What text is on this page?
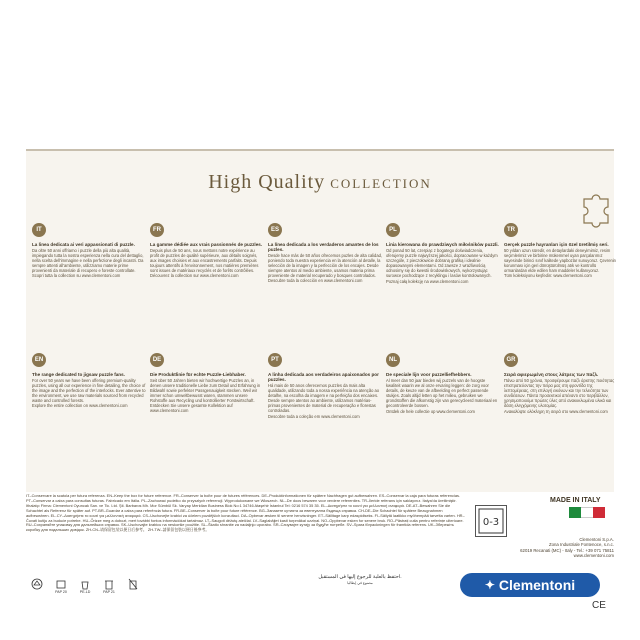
High Quality COLLECTION
IT
La linea dedicata ai veri appassionati di puzzle.
Da oltre 50 anni offriamo i puzzle della più alta qualità, impiegando tutta la nostra esperienza nella cura del dettaglio, nella scelta dell'immagine e nella perfezione degli incastri. Da sempre attenti all'ambiente, utilizziamo materie prime provenienti da materiale di recupero e foreste controllate.
Scopri tutta la collection su www.clementoni.com
FR
La gamme dédiée aux vrais passionnés de puzzles.
Depuis plus de 50 ans, nous mettons notre expérience au profit de puzzles de qualité supérieure, aux détails soignés, aux images choisies et aux encastrements parfaits. Depuis toujours attentifs à l'environnement, nos matières premières sont issues de matériaux recyclés et de forêts contrôlées.
Découvrez la collection sur www.clementoni.com
ES
La línea dedicada a los verdaderos amantes de los puzles.
Desde hace más de 50 años ofrecemos puzles de alta calidad, poniendo toda nuestra experiencia en la atención al detalle, la selección de la imagen y la perfección de los encajes. Desde siempre atentos al medio ambiente, usamos materia prima proveniente de material recuperado y bosques controlados.
Descubre toda la colección en www.clementoni.com
PL
Linia kierowana do prawdziwych miłośników puzzli.
Od ponad 50 lat, czerpiąc z bogatego doświadczenia, oferujemy puzzle najwyższej jakości, dopracowane w każdym szczególe, z pieczołowicie dobraną grafiką i idealnie dopasowanymi elementami. Od zawsze z wrażliwością odnosimy się do kwestii środowiskowych, wykorzystując surowce pochodzące z recyklingu i lasów kontrolowanych.
Poznaj całą kolekcję na www.clementoni.com
TR
Gerçek puzzle hayranları için özel üretilmiş seri.
50 yıldan uzun süredir, en detaylardaki deneyimimiz, resim seçimlerimiz ve birbirine mükemmel uyan parçalarımız sayesinde birinci sınıf kalitede yapbozlar sunuyoruz. Çevrenin korunması için geri dönüştürülmüş atık ve kontrollü ormanlardan elde edilen ham maddeler kullanıyoruz.
Tüm koleksiyonu keşfedin: www.clementoni.com
EN
The range dedicated to jigsaw puzzle fans.
For over 50 years we have been offering premium-quality puzzles, using all our experience in fine detailing, the choice of the image and the perfection of the interlocks. Ever attentive to the environment, we use raw materials sourced from recycled waste and controlled forests.
Explore the entire collection on www.clementoni.com
DE
Die Produktlinie für echte Puzzle-Liebhaber.
Seit über 50 Jahren bieten wir hochwertige Puzzles an, in denen unsere traditionelle Liebe zum Detail und Erfahrung in Bildwahl sowie perfekter Passgenauigkeit stecken. Weil wir immer schon umweltbewusst waren, stammen unsere Rohstoffe aus Recycling und kontrollierter Forstwirtschaft.
Entdecken Sie unsere gesamte Kollektion auf www.clementoni.com
PT
A linha dedicada aos verdadeiros apaixonados por puzzles.
Há mais de 50 anos oferecemos puzzles da mais alta qualidade, utilizando toda a nossa experiência na atenção ao detalhe, na escolha da imagem e na perfeição dos encaixes. Desde sempre atentos ao ambiente, utilizamos matérias-primas provenientes de material de recuperação e florestas controladas.
Descobre toda a coleção em www.clementoni.com
NL
De speciale lijn voor puzzelliefhebbers.
Al meer dan 50 jaar bieden wij puzzels van de hoogste kwaliteit waarin we al onze ervaring leggen: de zorg voor details, de keuze van de afbeelding en perfect passende stukjes. Zoals altijd letten op het milieu, gebruiken we grondstoffen die afkomstig zijn van gerecycleerd materiaal en gecontroleerde bossen.
Ontdek de hele collectie op www.clementoni.com
GR
Σειρά αφιερωμένη στους λάτρεις των παζλ.
Πάνω από 50 χρόνια, προσφέρουμε παζλ άριστης ποιότητας επιστρατεύοντας την πείρα μας στη φροντίδα της λεπτομέρειας, στη επιλογή εικόνων και την τελειότητα των συνδέσεων. Πάντα προσεκτικοί απέναντι στο περιβάλλον, χρησιμοποιούμε πρώτες ύλες από ανακυκλωμένα υλικά και δάση ελεγχόμενης υλοτομίας.
Ανακαλύψτε ολόκληρη τη σειρά στο www.clementoni.com
IT–Conservare la scatola per futura referenza. EN–Keep the box for future reference. FR–Conserver la boîte pour de futures références. DE–Produktinformationen für spätere Nachfragen gut aufbewahren. ES–Conservar la caja para futuras referencias. PT–Conservar a caixa para consultas futuras. Fabricado em Itália. PL–Zachować pudełko do przyszłych referencji. Wyprodukowane we Włoszech. NL–De doos bewaren voor verdere referenties. TR–İleride referans için saklayınız. İtalya'da üretilmiştir. Ithalatçı Firma: Clementoni Oyuncak San. ve Tic. Ltd. Şti. Barbaros Mh. Mor Sümbül Sk. Varyap Meridian Business Blok No:1 34746 Ataşehir İstanbul Tel: 0216 574 35 35. EL–Διατηρήστε το κουτί για μελλοντική αναφορά. DE-AT–Bewahren Sie die Schachtel als Referenz für später auf. PT-BR–Guardar a caixa para referência futura. FR-BE–Conserver la boîte pour future référence. BG–Запазете кутията за евентуална бъдеща справка. CH-DE–Die Schachtel für spätere Bezugnahmen aufbewahren. EL-CY–Διατηρήστε το κουτί για μελλοντική αναφορά. CS–Uschovejte krabici za účelem pozdějších konzultací. DA–Opbevar æsken til senere henvisninger. ET–Säilitage karp edaspidiseks. FI–Säilytä laatikko myöhempää tarvetta varten. HR–Čuvati kutiju za buduće potrebe. HU–Őrizze meg a dobozt, mert további fontos információkat tartalmaz. LT–Saugoti dėžutę ateičiai. LV–Saglabājiet kasti turpmākai uzziņai. NO–Oppbevar esken for senere bruk. RO–Păstrați cutia pentru referințe ulterioare. RU–Сохраняйте упаковку для дальнейших справок. SK–Uschovajte krabicu na neskoršie použitie. SL–Škatlo shranite za nadaljnjo uporabo. SR–Сачувајте кутију за будуће потребе. SV–Spara förpackningen för framtida referens. UK–Збережіть коробку для подальших довідок. ZH-CN–请保留包装以便日后参考。 ZH-TW–請保留包裝以便日後參考。
0-3
MADE IN ITALY
Clementoni S.p.A.
Zona Industriale Fontenoce, s.n.c.
62019 Recanati (MC) - Italy - Tel.: +39 071 75811
www.clementoni.com
PAP 20	PE-LD	PAP 21
احتفظ بالعلبة للرجوع إليها في المستقبل.
مصنوع في إيطاليا	✦ Clementoni
CE
